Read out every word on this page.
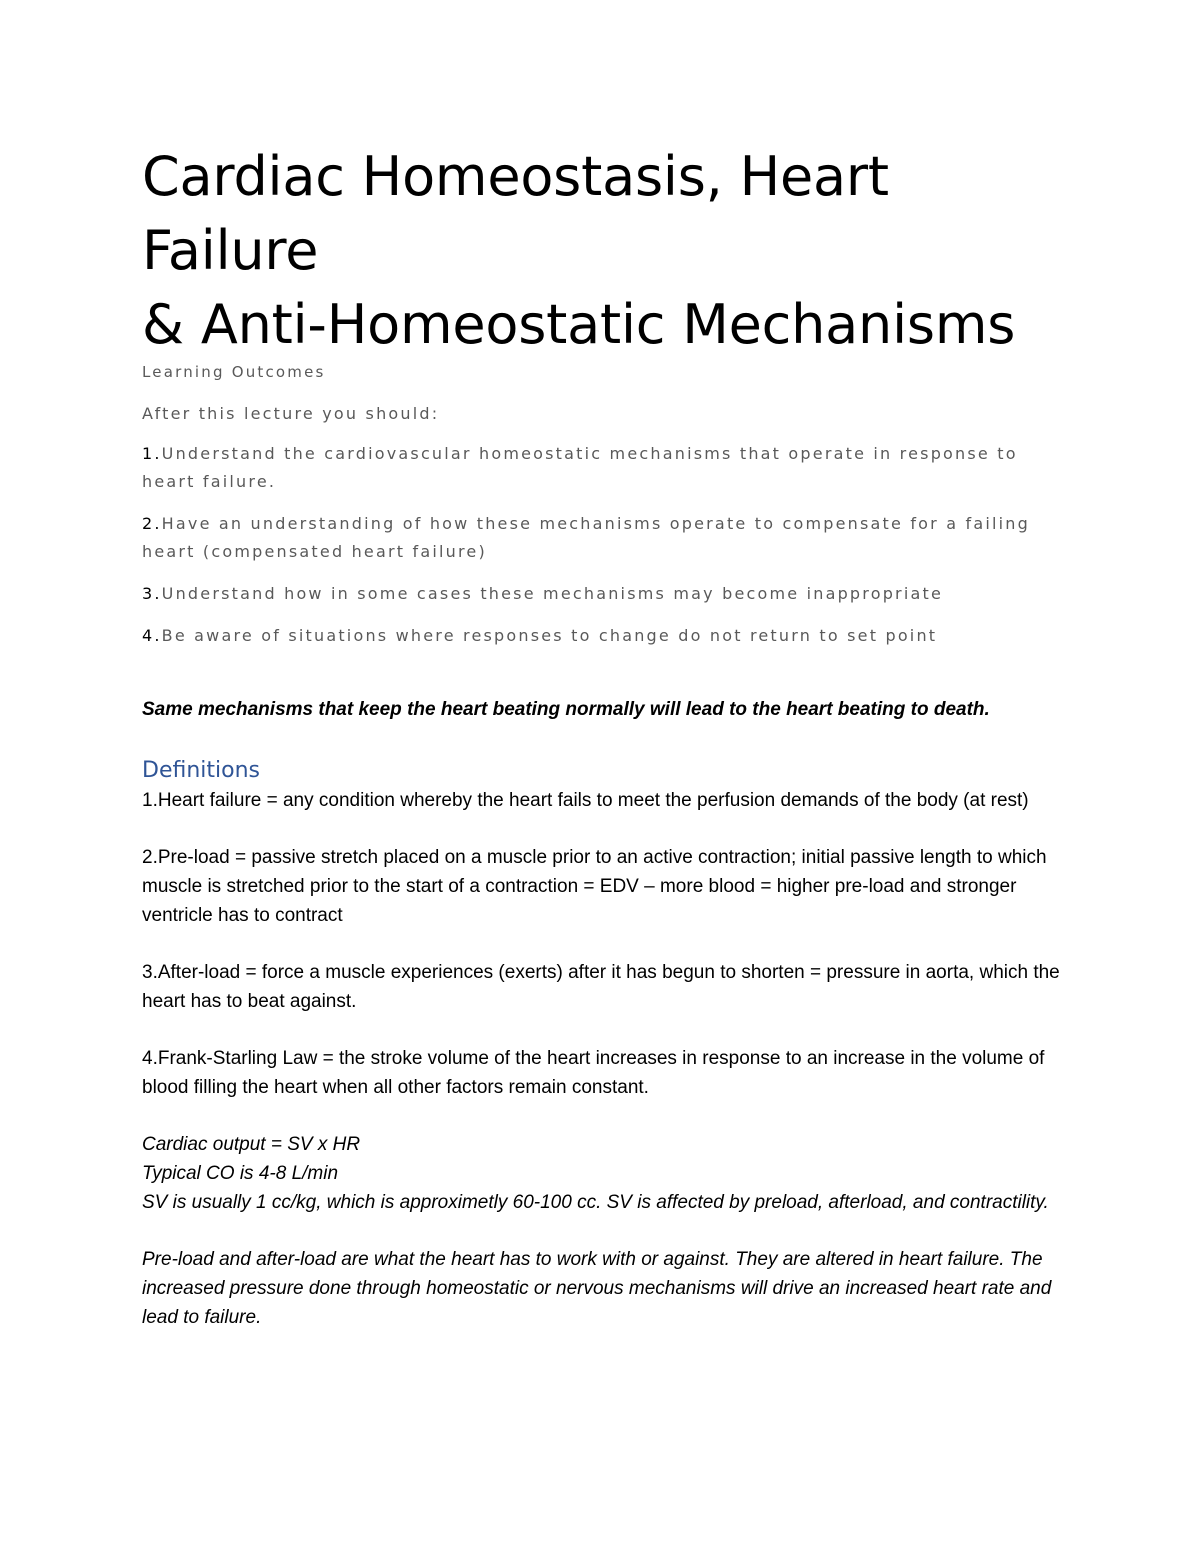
Cardiac Homeostasis, Heart
Failure
& Anti-Homeostatic Mechanisms
Learning Outcomes
After this lecture you should:
1.Understand the cardiovascular homeostatic mechanisms that operate in response to heart failure.
2.Have an understanding of how these mechanisms operate to compensate for a failing heart (compensated heart failure)
3.Understand how in some cases these mechanisms may become inappropriate
4.Be aware of situations where responses to change do not return to set point
Same mechanisms that keep the heart beating normally will lead to the heart beating to death.
Definitions
1.Heart failure = any condition whereby the heart fails to meet the perfusion demands of the body (at rest)
2.Pre-load = passive stretch placed on a muscle prior to an active contraction; initial passive length to which muscle is stretched prior to the start of a contraction = EDV – more blood = higher pre-load and stronger ventricle has to contract
3.After-load = force a muscle experiences (exerts) after it has begun to shorten = pressure in aorta, which the heart has to beat against.
4.Frank-Starling Law = the stroke volume of the heart increases in response to an increase in the volume of blood filling the heart when all other factors remain constant.
Cardiac output = SV x HR
Typical CO is 4-8 L/min
SV is usually 1 cc/kg, which is approximetly 60-100 cc. SV is affected by preload, afterload, and contractility.
Pre-load and after-load are what the heart has to work with or against. They are altered in heart failure. The increased pressure done through homeostatic or nervous mechanisms will drive an increased heart rate and lead to failure.
